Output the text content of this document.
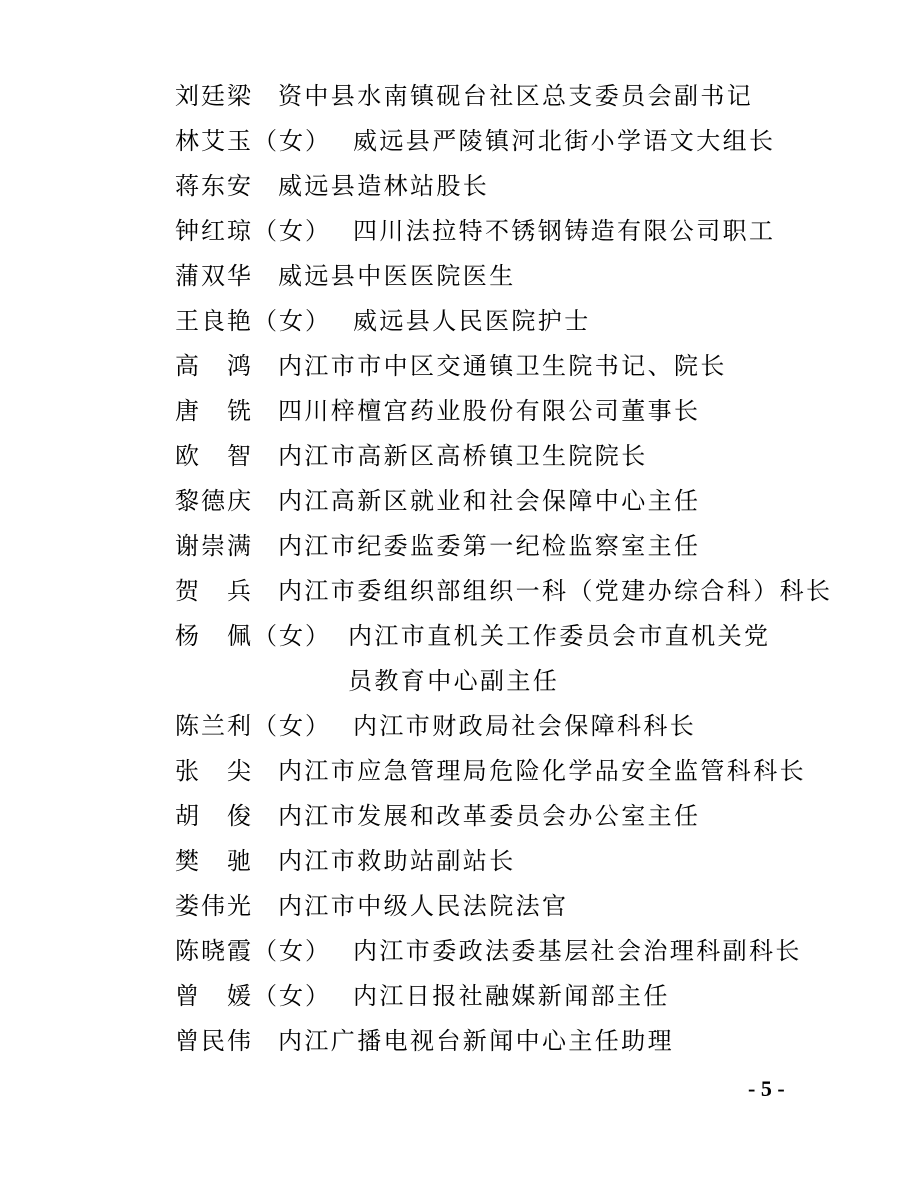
刘廷梁 资中县水南镇砚台社区总支委员会副书记
林艾玉（女） 威远县严陵镇河北街小学语文大组长
蒋东安 威远县造林站股长
钟红琼（女） 四川法拉特不锈钢铸造有限公司职工
蒲双华 威远县中医医院医生
王良艳（女） 威远县人民医院护士
高　鸿 内江市市中区交通镇卫生院书记、院长
唐　铣 四川梓檀宫药业股份有限公司董事长
欧　智 内江市高新区高桥镇卫生院院长
黎德庆 内江高新区就业和社会保障中心主任
谢崇满 内江市纪委监委第一纪检监察室主任
贺　兵 内江市委组织部组织一科（党建办综合科）科长
杨　佩（女） 内江市直机关工作委员会市直机关党员教育中心副主任
陈兰利（女） 内江市财政局社会保障科科长
张　尖 内江市应急管理局危险化学品安全监管科科长
胡　俊 内江市发展和改革委员会办公室主任
樊　驰 内江市救助站副站长
娄伟光 内江市中级人民法院法官
陈晓霞（女） 内江市委政法委基层社会治理科副科长
曾　媛（女） 内江日报社融媒新闻部主任
曾民伟 内江广播电视台新闻中心主任助理
- 5 -
